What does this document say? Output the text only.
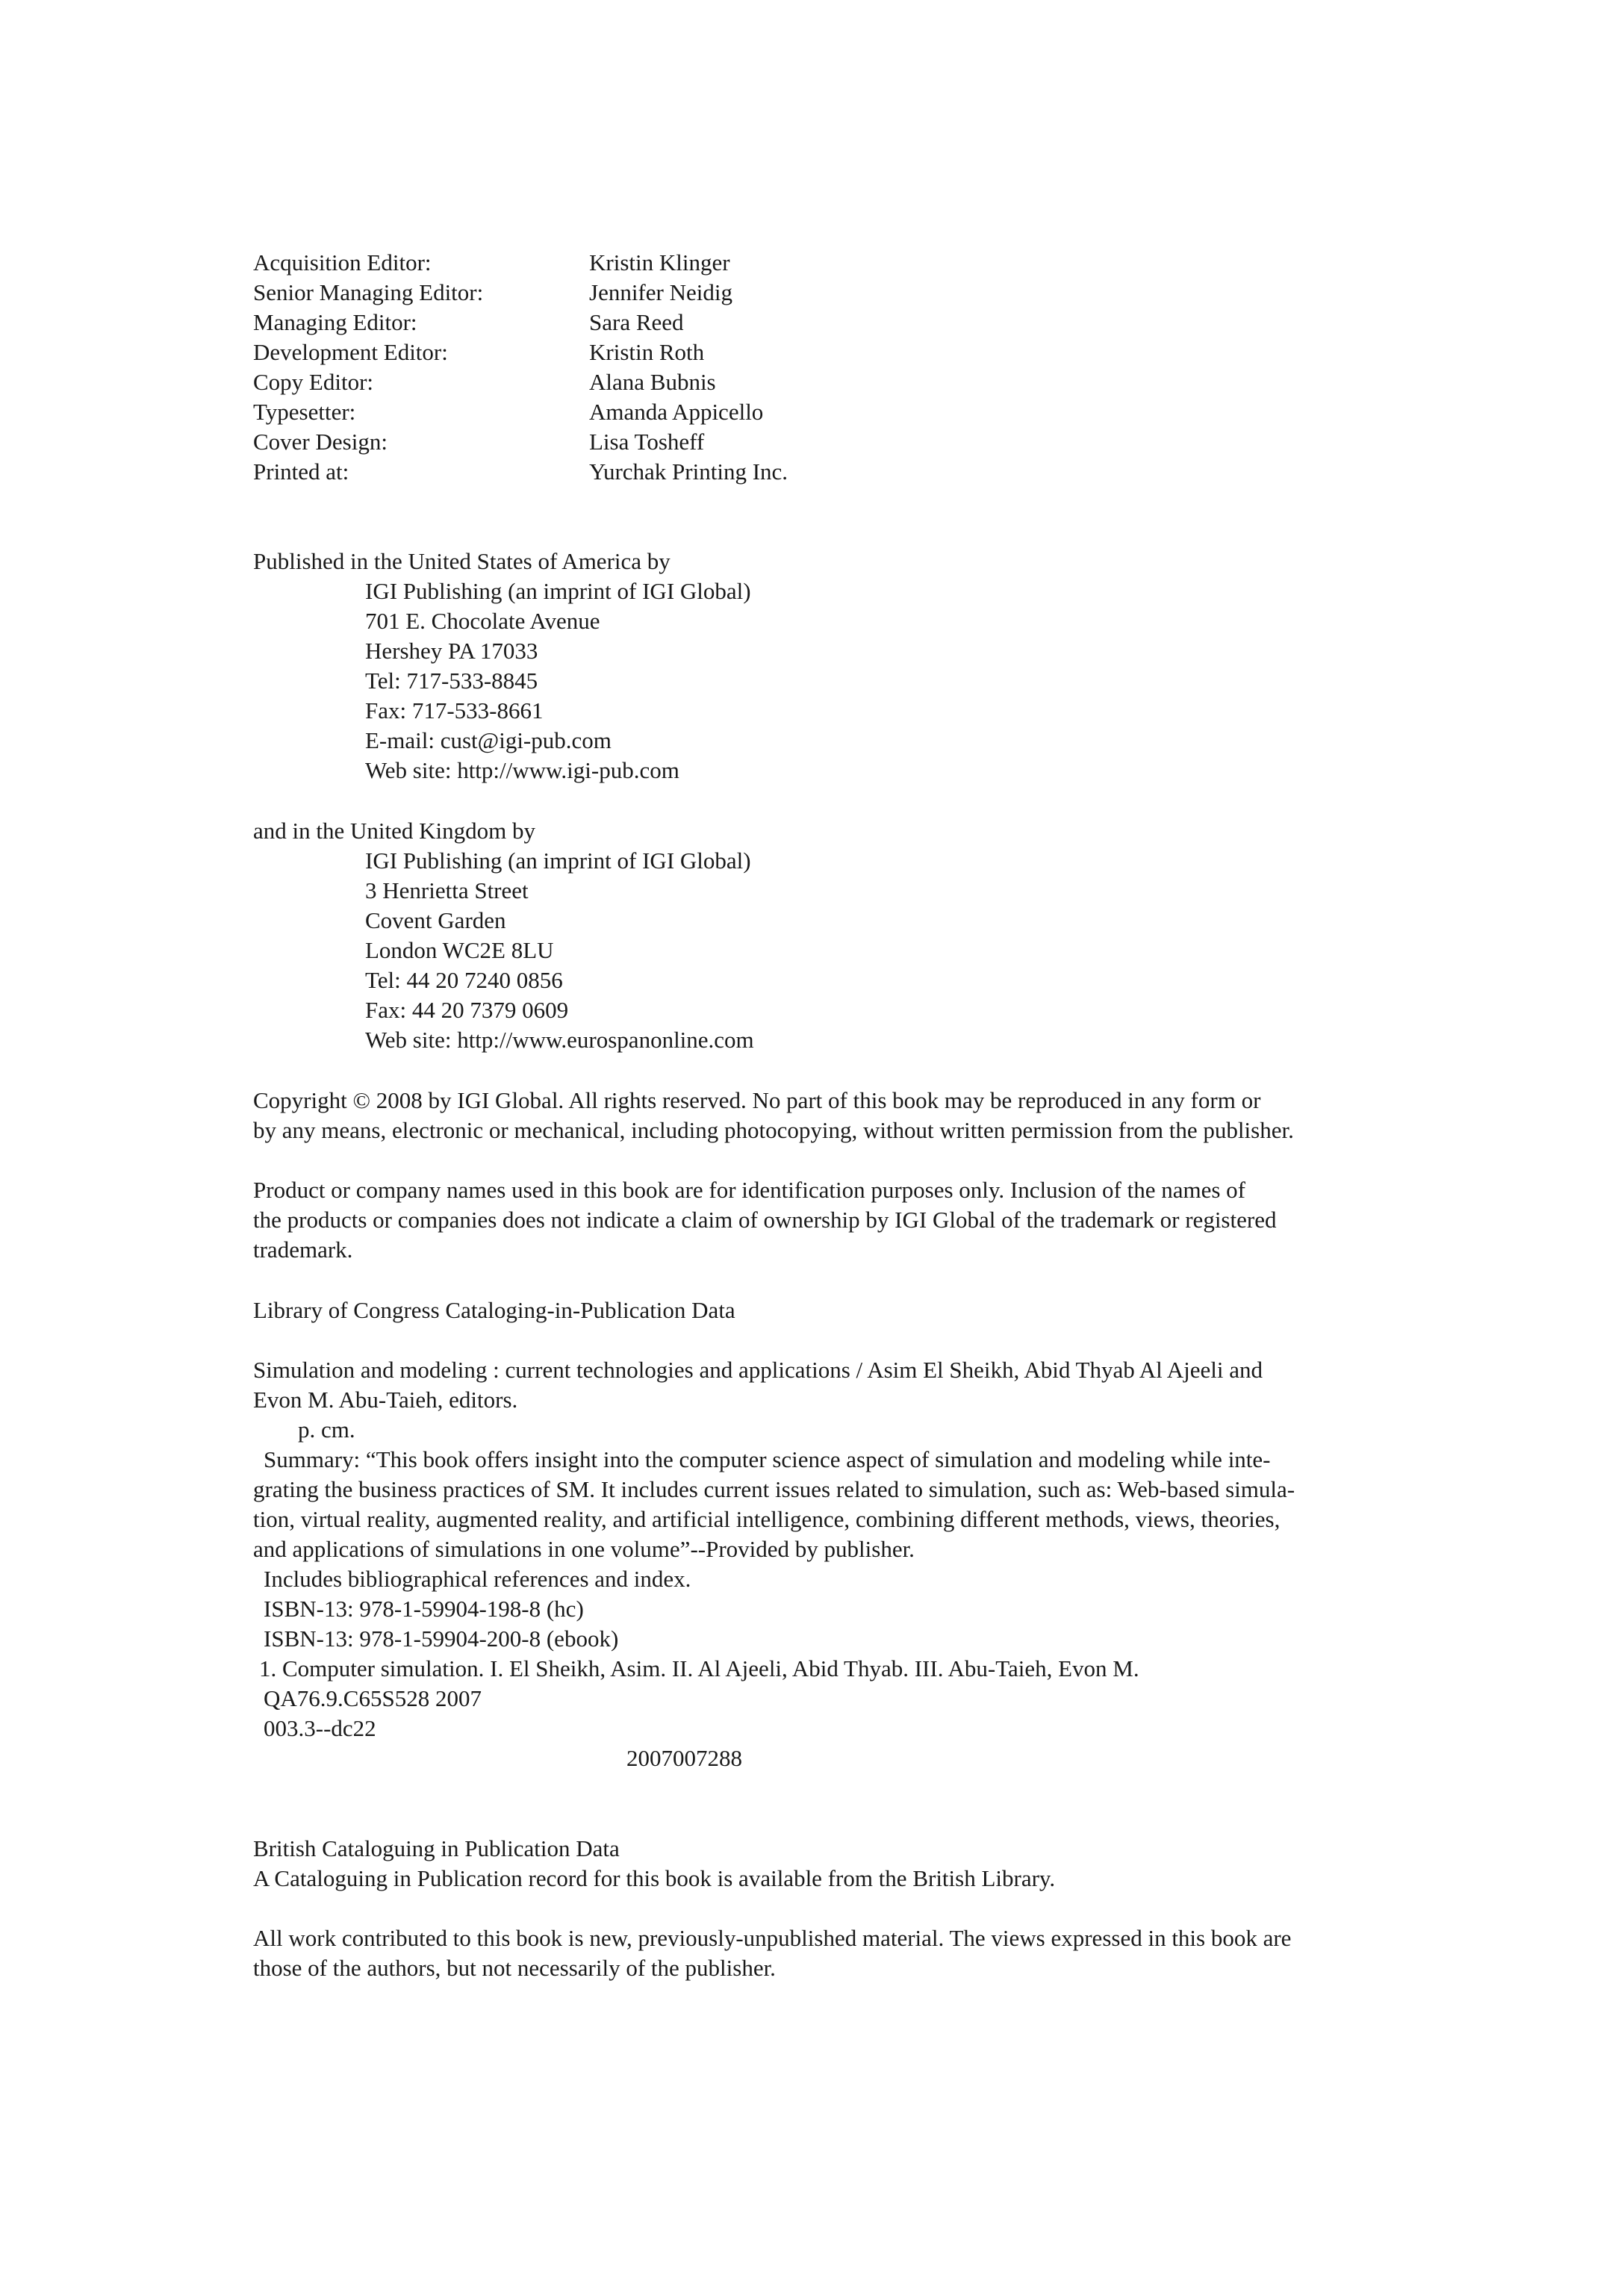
Acquisition Editor:	Kristin Klinger
Senior Managing Editor:	Jennifer Neidig
Managing Editor:	Sara Reed
Development Editor:	Kristin Roth
Copy Editor:	Alana Bubnis
Typesetter:	Amanda Appicello
Cover Design:	Lisa Tosheff
Printed at:	Yurchak Printing Inc.
Published in the United States of America by
IGI Publishing (an imprint of IGI Global)
701 E. Chocolate Avenue
Hershey PA 17033
Tel: 717-533-8845
Fax: 717-533-8661
E-mail: cust@igi-pub.com
Web site: http://www.igi-pub.com
and in the United Kingdom by
IGI Publishing (an imprint of IGI Global)
3 Henrietta Street
Covent Garden
London WC2E 8LU
Tel: 44 20 7240 0856
Fax: 44 20 7379 0609
Web site: http://www.eurospanonline.com
Copyright © 2008 by IGI Global. All rights reserved. No part of this book may be reproduced in any form or
by any means, electronic or mechanical, including photocopying, without written permission from the publisher.
Product or company names used in this book are for identification purposes only. Inclusion of the names of
the products or companies does not indicate a claim of ownership by IGI Global of the trademark or registered
trademark.
Library of Congress Cataloging-in-Publication Data
Simulation and modeling : current technologies and applications / Asim El Sheikh, Abid Thyab Al Ajeeli and
Evon M. Abu-Taieh, editors.
p. cm.
Summary: “This book offers insight into the computer science aspect of simulation and modeling while inte-
grating the business practices of SM. It includes current issues related to simulation, such as: Web-based simula-
tion, virtual reality, augmented reality, and artificial intelligence, combining different methods, views, theories,
and applications of simulations in one volume”--Provided by publisher.
Includes bibliographical references and index.
ISBN-13: 978-1-59904-198-8 (hc)
ISBN-13: 978-1-59904-200-8 (ebook)
1. Computer simulation. I. El Sheikh, Asim. II. Al Ajeeli, Abid Thyab. III. Abu-Taieh, Evon M.
QA76.9.C65S528 2007
003.3--dc22
2007007288
British Cataloguing in Publication Data
A Cataloguing in Publication record for this book is available from the British Library.
All work contributed to this book is new, previously-unpublished material. The views expressed in this book are
those of the authors, but not necessarily of the publisher.
